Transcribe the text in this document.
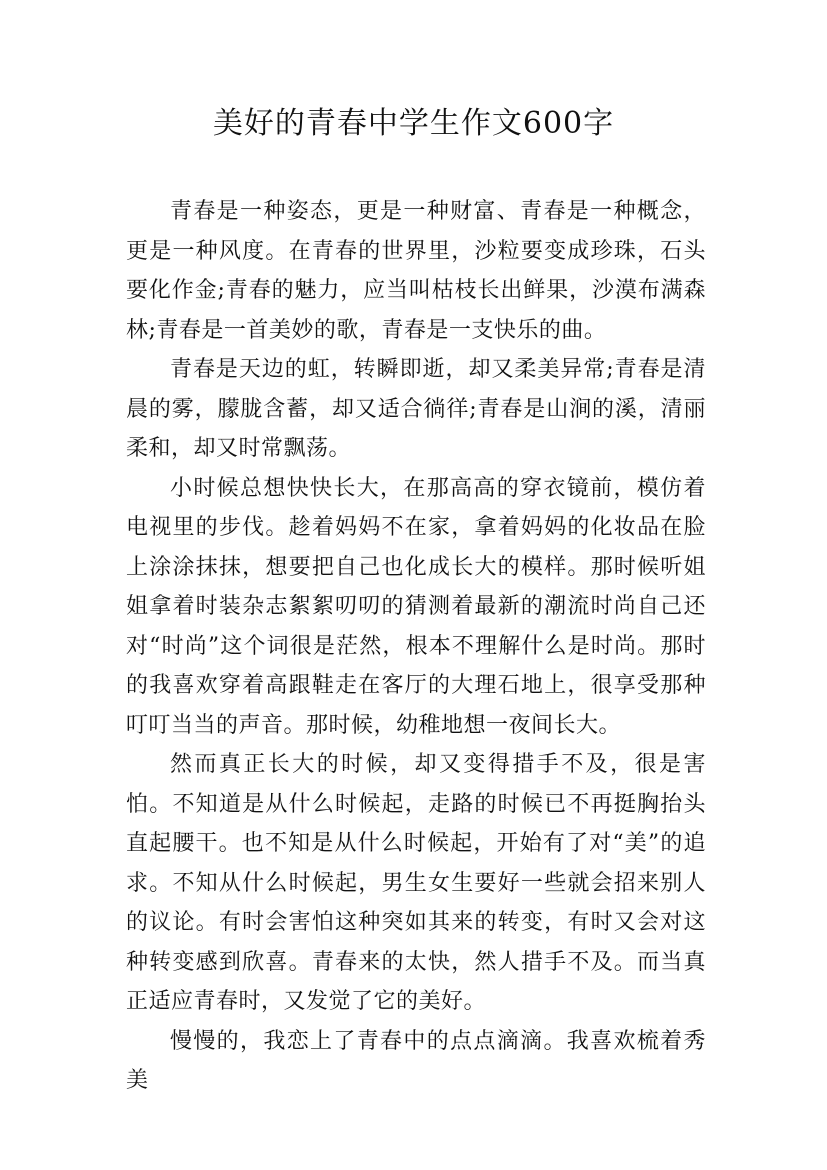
美好的青春中学生作文600字

青春是一种姿态，更是一种财富、青春是一种概念，更是一种风度。在青春的世界里，沙粒要变成珍珠，石头要化作金;青春的魅力，应当叫枯枝长出鲜果，沙漠布满森林;青春是一首美妙的歌，青春是一支快乐的曲。

青春是天边的虹，转瞬即逝，却又柔美异常;青春是清晨的雾，朦胧含蓄，却又适合徜徉;青春是山涧的溪，清丽柔和，却又时常飘荡。

小时候总想快快长大，在那高高的穿衣镜前，模仿着电视里的步伐。趁着妈妈不在家，拿着妈妈的化妆品在脸上涂涂抹抹，想要把自己也化成长大的模样。那时候听姐姐拿着时装杂志絮絮叨叨的猜测着最新的潮流时尚自己还对“时尚”这个词很是茫然，根本不理解什么是时尚。那时的我喜欢穿着高跟鞋走在客厅的大理石地上，很享受那种叮叮当当的声音。那时候，幼稚地想一夜间长大。

然而真正长大的时候，却又变得措手不及，很是害怕。不知道是从什么时候起，走路的时候已不再挺胸抬头直起腰干。也不知是从什么时候起，开始有了对“美”的追求。不知从什么时候起，男生女生要好一些就会招来别人的议论。有时会害怕这种突如其来的转变，有时又会对这种转变感到欣喜。青春来的太快，然人措手不及。而当真正适应青春时，又发觉了它的美好。

慢慢的，我恋上了青春中的点点滴滴。我喜欢梳着秀美
